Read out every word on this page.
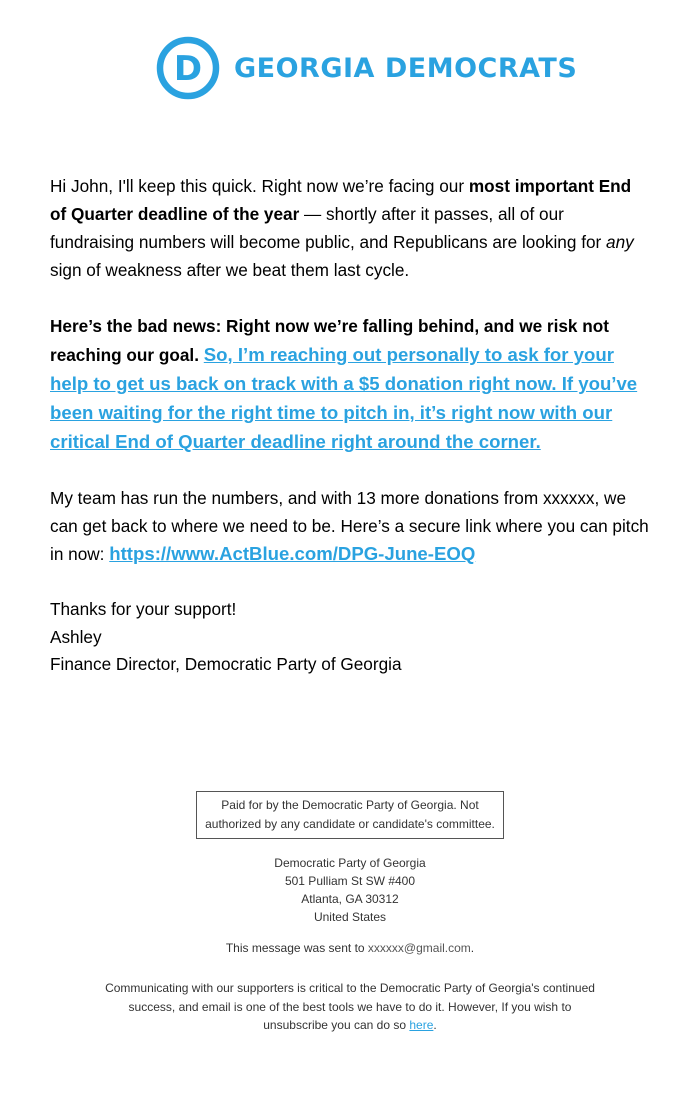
D GEORGIA DEMOCRATS

Hi John, I'll keep this quick. Right now we’re facing our most important End of Quarter deadline of the year — shortly after it passes, all of our fundraising numbers will become public, and Republicans are looking for any sign of weakness after we beat them last cycle.

Here’s the bad news: Right now we’re falling behind, and we risk not reaching our goal. So, I’m reaching out personally to ask for your help to get us back on track with a $5 donation right now. If you’ve been waiting for the right time to pitch in, it’s right now with our critical End of Quarter deadline right around the corner.

My team has run the numbers, and with 13 more donations from xxxxxx, we can get back to where we need to be. Here’s a secure link where you can pitch in now: https://www.ActBlue.com/DPG-June-EOQ

Thanks for your support!
Ashley
Finance Director, Democratic Party of Georgia
Paid for by the Democratic Party of Georgia. Not authorized by any candidate or candidate's committee.
Democratic Party of Georgia
501 Pulliam St SW #400
Atlanta, GA 30312
United States
This message was sent to xxxxxx@gmail.com.
Communicating with our supporters is critical to the Democratic Party of Georgia's continued success, and email is one of the best tools we have to do it. However, If you wish to unsubscribe you can do so here.
